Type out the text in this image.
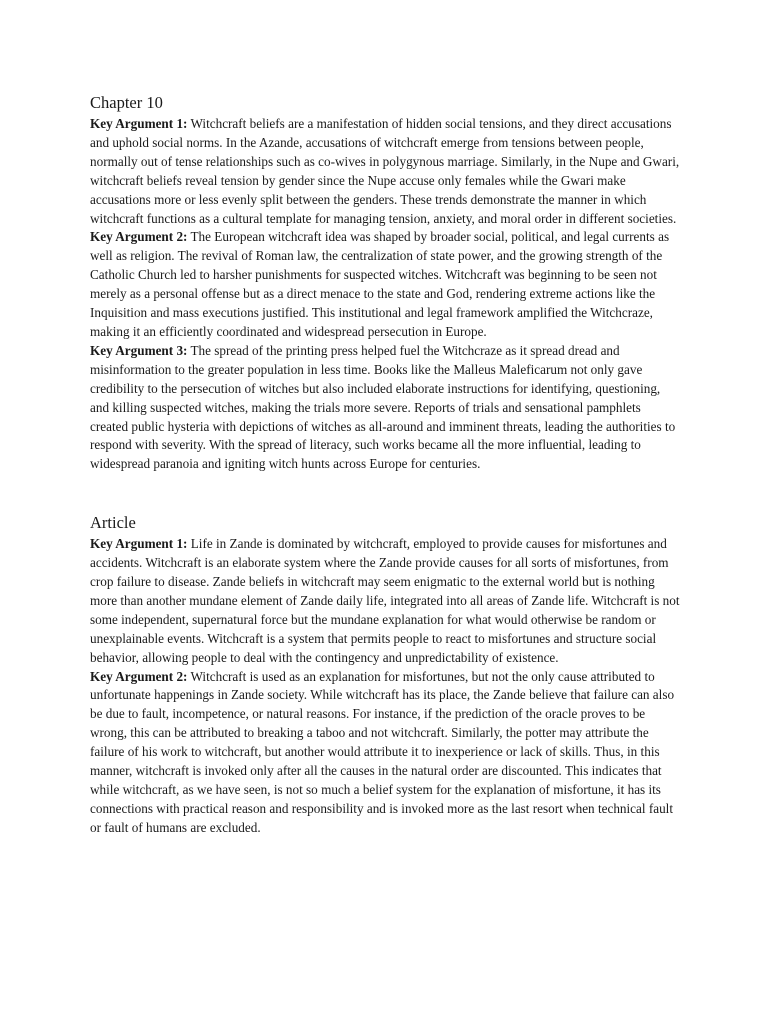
Chapter 10

Key Argument 1: Witchcraft beliefs are a manifestation of hidden social tensions, and they direct accusations and uphold social norms. In the Azande, accusations of witchcraft emerge from tensions between people, normally out of tense relationships such as co-wives in polygynous marriage. Similarly, in the Nupe and Gwari, witchcraft beliefs reveal tension by gender since the Nupe accuse only females while the Gwari make accusations more or less evenly split between the genders. These trends demonstrate the manner in which witchcraft functions as a cultural template for managing tension, anxiety, and moral order in different societies.

Key Argument 2: The European witchcraft idea was shaped by broader social, political, and legal currents as well as religion. The revival of Roman law, the centralization of state power, and the growing strength of the Catholic Church led to harsher punishments for suspected witches. Witchcraft was beginning to be seen not merely as a personal offense but as a direct menace to the state and God, rendering extreme actions like the Inquisition and mass executions justified. This institutional and legal framework amplified the Witchcraze, making it an efficiently coordinated and widespread persecution in Europe.

Key Argument 3: The spread of the printing press helped fuel the Witchcraze as it spread dread and misinformation to the greater population in less time. Books like the Malleus Maleficarum not only gave credibility to the persecution of witches but also included elaborate instructions for identifying, questioning, and killing suspected witches, making the trials more severe. Reports of trials and sensational pamphlets created public hysteria with depictions of witches as all-around and imminent threats, leading the authorities to respond with severity. With the spread of literacy, such works became all the more influential, leading to widespread paranoia and igniting witch hunts across Europe for centuries.

Article

Key Argument 1: Life in Zande is dominated by witchcraft, employed to provide causes for misfortunes and accidents. Witchcraft is an elaborate system where the Zande provide causes for all sorts of misfortunes, from crop failure to disease. Zande beliefs in witchcraft may seem enigmatic to the external world but is nothing more than another mundane element of Zande daily life, integrated into all areas of Zande life. Witchcraft is not some independent, supernatural force but the mundane explanation for what would otherwise be random or unexplainable events. Witchcraft is a system that permits people to react to misfortunes and structure social behavior, allowing people to deal with the contingency and unpredictability of existence.

Key Argument 2: Witchcraft is used as an explanation for misfortunes, but not the only cause attributed to unfortunate happenings in Zande society. While witchcraft has its place, the Zande believe that failure can also be due to fault, incompetence, or natural reasons. For instance, if the prediction of the oracle proves to be wrong, this can be attributed to breaking a taboo and not witchcraft. Similarly, the potter may attribute the failure of his work to witchcraft, but another would attribute it to inexperience or lack of skills. Thus, in this manner, witchcraft is invoked only after all the causes in the natural order are discounted. This indicates that while witchcraft, as we have seen, is not so much a belief system for the explanation of misfortune, it has its connections with practical reason and responsibility and is invoked more as the last resort when technical fault or fault of humans are excluded.
